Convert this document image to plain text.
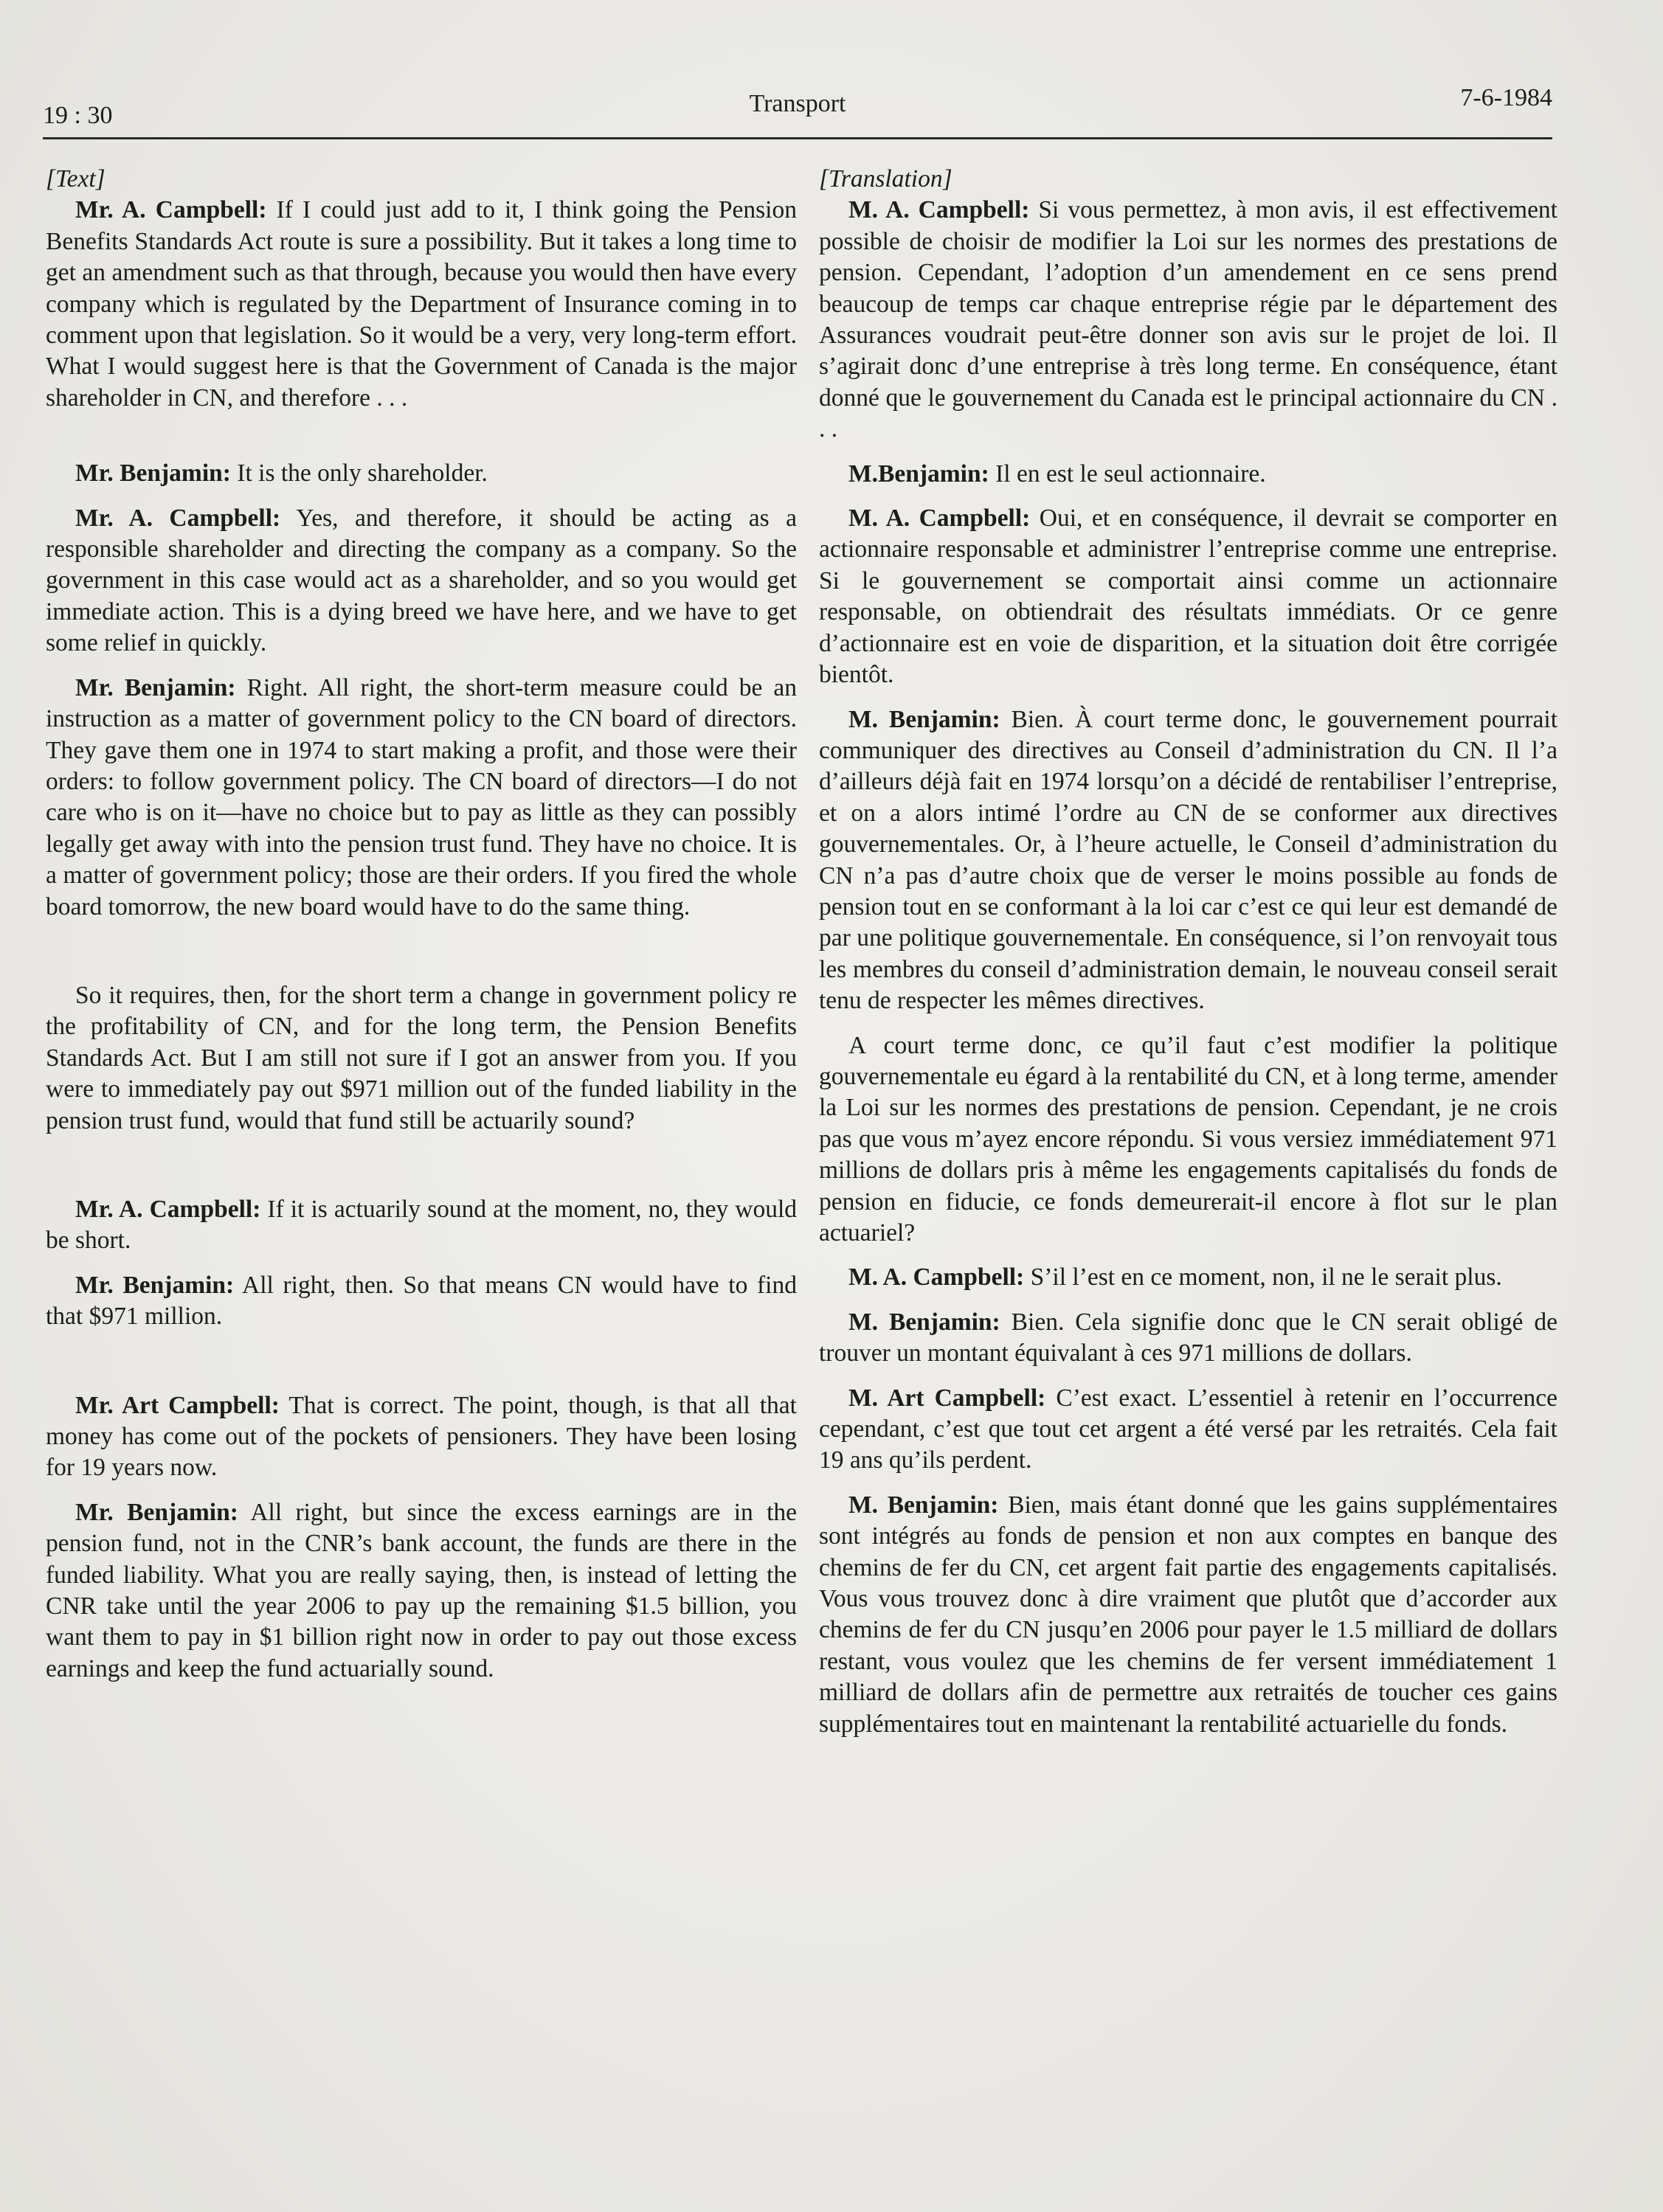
19 : 30	Transport	7-6-1984

[Text]

Mr. A. Campbell: If I could just add to it, I think going the Pension Benefits Standards Act route is sure a possibility. But it takes a long time to get an amendment such as that through, because you would then have every company which is regulated by the Department of Insurance coming in to comment upon that legislation. So it would be a very, very long-term effort. What I would suggest here is that the Government of Canada is the major shareholder in CN, and therefore . . .

Mr. Benjamin: It is the only shareholder.

Mr. A. Campbell: Yes, and therefore, it should be acting as a responsible shareholder and directing the company as a company. So the government in this case would act as a shareholder, and so you would get immediate action. This is a dying breed we have here, and we have to get some relief in quickly.

Mr. Benjamin: Right. All right, the short-term measure could be an instruction as a matter of government policy to the CN board of directors. They gave them one in 1974 to start making a profit, and those were their orders: to follow government policy. The CN board of directors—I do not care who is on it—have no choice but to pay as little as they can possibly legally get away with into the pension trust fund. They have no choice. It is a matter of government policy; those are their orders. If you fired the whole board tomorrow, the new board would have to do the same thing.

So it requires, then, for the short term a change in government policy re the profitability of CN, and for the long term, the Pension Benefits Standards Act. But I am still not sure if I got an answer from you. If you were to immediately pay out $971 million out of the funded liability in the pension trust fund, would that fund still be actuarily sound?

Mr. A. Campbell: If it is actuarily sound at the moment, no, they would be short.

Mr. Benjamin: All right, then. So that means CN would have to find that $971 million.

Mr. Art Campbell: That is correct. The point, though, is that all that money has come out of the pockets of pensioners. They have been losing for 19 years now.

Mr. Benjamin: All right, but since the excess earnings are in the pension fund, not in the CNR’s bank account, the funds are there in the funded liability. What you are really saying, then, is instead of letting the CNR take until the year 2006 to pay up the remaining $1.5 billion, you want them to pay in $1 billion right now in order to pay out those excess earnings and keep the fund actuarially sound.

[Translation]

M. A. Campbell: Si vous permettez, à mon avis, il est effectivement possible de choisir de modifier la Loi sur les normes des prestations de pension. Cependant, l’adoption d’un amendement en ce sens prend beaucoup de temps car chaque entreprise régie par le département des Assurances voudrait peut-être donner son avis sur le projet de loi. Il s’agirait donc d’une entreprise à très long terme. En conséquence, étant donné que le gouvernement du Canada est le principal actionnaire du CN . . .

M.Benjamin: Il en est le seul actionnaire.

M. A. Campbell: Oui, et en conséquence, il devrait se comporter en actionnaire responsable et administrer l’entreprise comme une entreprise. Si le gouvernement se comportait ainsi comme un actionnaire responsable, on obtiendrait des résultats immédiats. Or ce genre d’actionnaire est en voie de disparition, et la situation doit être corrigée bientôt.

M. Benjamin: Bien. À court terme donc, le gouvernement pourrait communiquer des directives au Conseil d’administration du CN. Il l’a d’ailleurs déjà fait en 1974 lorsqu’on a décidé de rentabiliser l’entreprise, et on a alors intimé l’ordre au CN de se conformer aux directives gouvernementales. Or, à l’heure actuelle, le Conseil d’administration du CN n’a pas d’autre choix que de verser le moins possible au fonds de pension tout en se conformant à la loi car c’est ce qui leur est demandé de par une politique gouvernementale. En conséquence, si l’on renvoyait tous les membres du conseil d’administration demain, le nouveau conseil serait tenu de respecter les mêmes directives.

A court terme donc, ce qu’il faut c’est modifier la politique gouvernementale eu égard à la rentabilité du CN, et à long terme, amender la Loi sur les normes des prestations de pension. Cependant, je ne crois pas que vous m’ayez encore répondu. Si vous versiez immédiatement 971 millions de dollars pris à même les engagements capitalisés du fonds de pension en fiducie, ce fonds demeurerait-il encore à flot sur le plan actuariel?

M. A. Campbell: S’il l’est en ce moment, non, il ne le serait plus.

M. Benjamin: Bien. Cela signifie donc que le CN serait obligé de trouver un montant équivalant à ces 971 millions de dollars.

M. Art Campbell: C’est exact. L’essentiel à retenir en l’occurrence cependant, c’est que tout cet argent a été versé par les retraités. Cela fait 19 ans qu’ils perdent.

M. Benjamin: Bien, mais étant donné que les gains supplémentaires sont intégrés au fonds de pension et non aux comptes en banque des chemins de fer du CN, cet argent fait partie des engagements capitalisés. Vous vous trouvez donc à dire vraiment que plutôt que d’accorder aux chemins de fer du CN jusqu’en 2006 pour payer le 1.5 milliard de dollars restant, vous voulez que les chemins de fer versent immédiatement 1 milliard de dollars afin de permettre aux retraités de toucher ces gains supplémentaires tout en maintenant la rentabilité actuarielle du fonds.
